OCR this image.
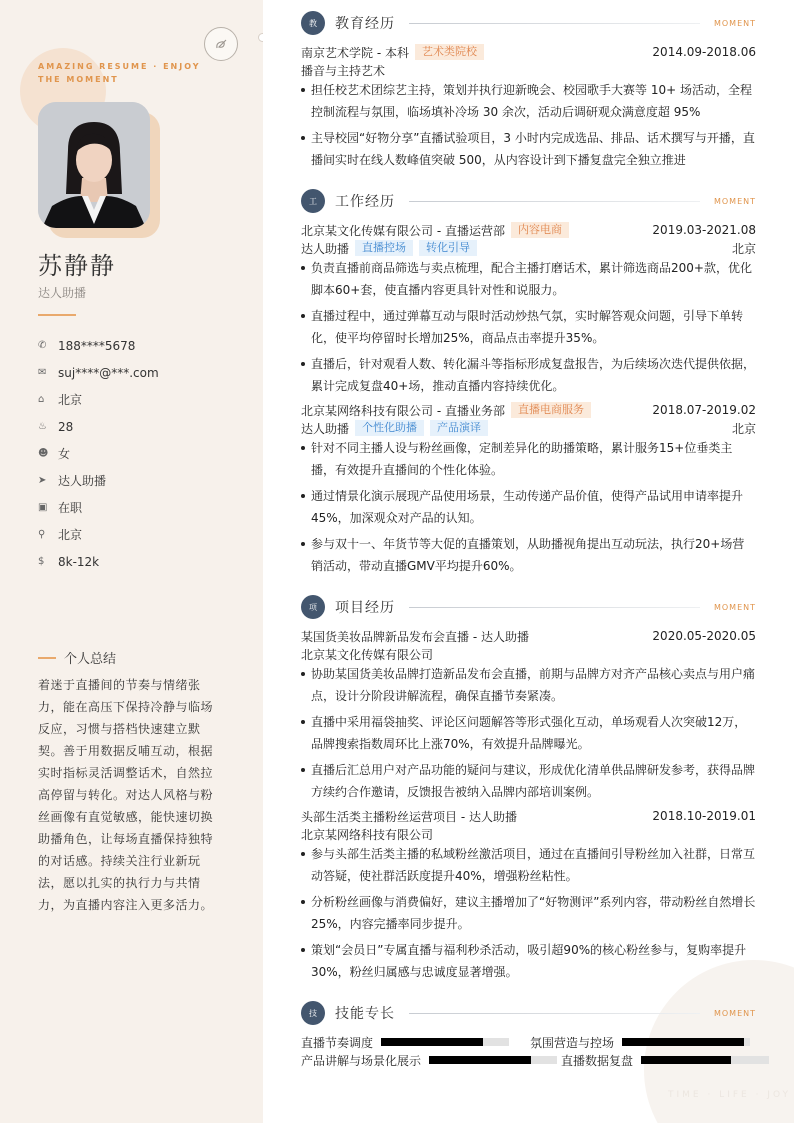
AMAZING RESUME · ENJOY THE MOMENT
苏静静
达人助播
✆ 188****5678
✉ suj****@***.com
⌂	北京
♨ 28
☻ 女
➤ 达人助播
▣ 在职
⚲	北京
$	8k-12k
个人总结
着迷于直播间的节奏与情绪张力，能在高压下保持冷静与临场反应，习惯与搭档快速建立默契。善于用数据反哺互动，根据实时指标灵活调整话术，自然拉高停留与转化。对达人风格与粉丝画像有直觉敏感，能快速切换助播角色，让每场直播保持独特的对话感。持续关注行业新玩法，愿以扎实的执行力与共情力，为直播内容注入更多活力。
TIME · LIFE · JOY
教	教育经历	MOMENT
南京艺术学院 - 本科	艺术类院校	2014.09-2018.06
播音与主持艺术
担任校艺术团综艺主持，策划并执行迎新晚会、校园歌手大赛等 10+ 场活动，全程控制流程与氛围，临场填补冷场 30 余次，活动后调研观众满意度超 95%
主导校园“好物分享”直播试验项目，3 小时内完成选品、排品、话术撰写与开播，直播间实时在线人数峰值突破 500，从内容设计到下播复盘完全独立推进
工	工作经历	MOMENT
北京某文化传媒有限公司 - 直播运营部	内容电商	2019.03-2021.08
达人助播	直播控场	转化引导	北京
负责直播前商品筛选与卖点梳理，配合主播打磨话术，累计筛选商品200+款，优化脚本60+套，使直播内容更具针对性和说服力。
直播过程中，通过弹幕互动与限时活动炒热气氛，实时解答观众问题，引导下单转化，使平均停留时长增加25%，商品点击率提升35%。
直播后，针对观看人数、转化漏斗等指标形成复盘报告，为后续场次迭代提供依据，累计完成复盘40+场，推动直播内容持续优化。
北京某网络科技有限公司 - 直播业务部	直播电商服务	2018.07-2019.02
达人助播	个性化助播	产品演译	北京
针对不同主播人设与粉丝画像，定制差异化的助播策略，累计服务15+位垂类主播，有效提升直播间的个性化体验。
通过情景化演示展现产品使用场景，生动传递产品价值，使得产品试用申请率提升45%，加深观众对产品的认知。
参与双十一、年货节等大促的直播策划，从助播视角提出互动玩法，执行20+场营销活动，带动直播GMV平均提升60%。
项	项目经历	MOMENT
某国货美妆品牌新品发布会直播 - 达人助播	2020.05-2020.05
北京某文化传媒有限公司
协助某国货美妆品牌打造新品发布会直播，前期与品牌方对齐产品核心卖点与用户痛点，设计分阶段讲解流程，确保直播节奏紧凑。
直播中采用福袋抽奖、评论区问题解答等形式强化互动，单场观看人次突破12万，品牌搜索指数周环比上涨70%，有效提升品牌曝光。
直播后汇总用户对产品功能的疑问与建议，形成优化清单供品牌研发参考，获得品牌方续约合作邀请，反馈报告被纳入品牌内部培训案例。
头部生活类主播粉丝运营项目 - 达人助播	2018.10-2019.01
北京某网络科技有限公司
参与头部生活类主播的私域粉丝激活项目，通过在直播间引导粉丝加入社群，日常互动答疑，使社群活跃度提升40%，增强粉丝粘性。
分析粉丝画像与消费偏好，建议主播增加了“好物测评”系列内容，带动粉丝自然增长25%，内容完播率同步提升。
策划“会员日”专属直播与福利秒杀活动，吸引超90%的核心粉丝参与，复购率提升30%，粉丝归属感与忠诚度显著增强。
技	技能专长	MOMENT
直播节奏调度	氛围营造与控场
产品讲解与场景化展示	直播数据复盘
